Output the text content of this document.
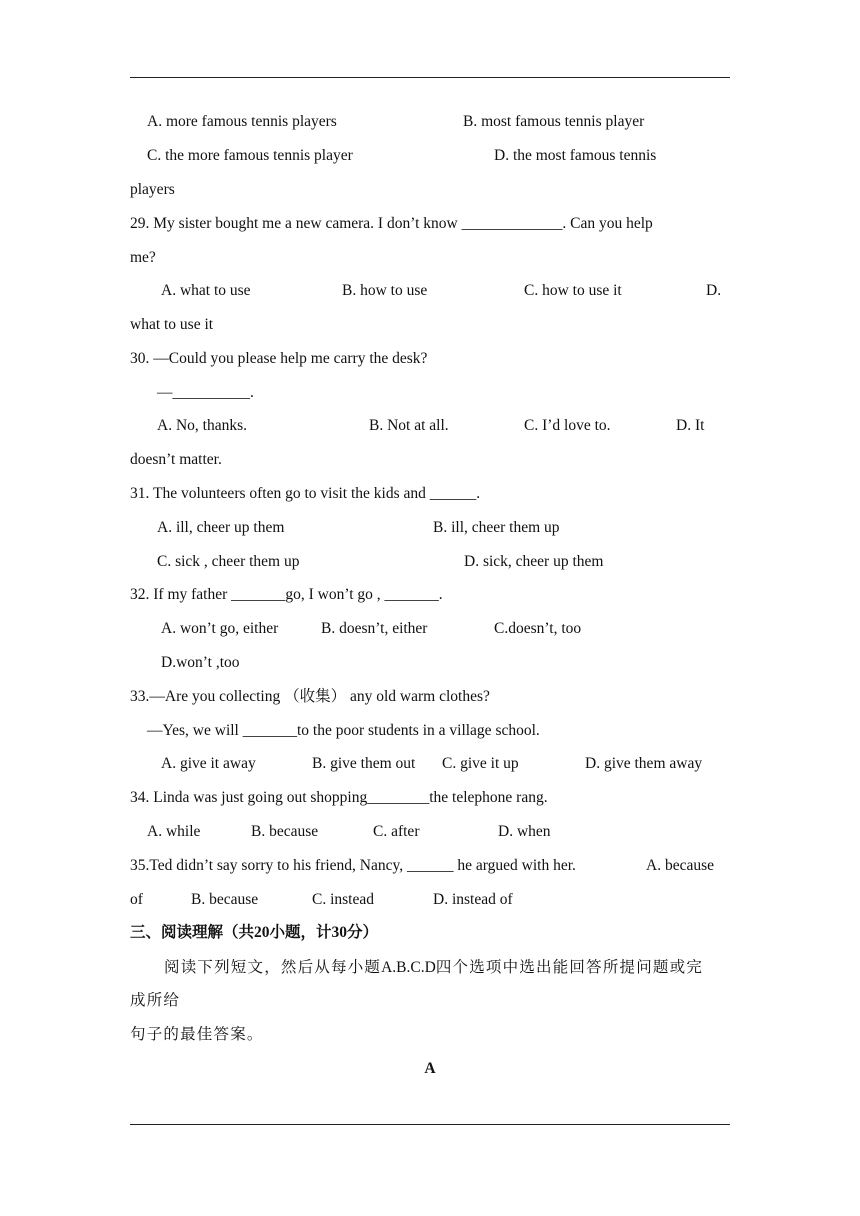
A. more famous tennis players	B. most famous tennis player
C. the more famous tennis player	D. the most famous tennis
players
29. My sister bought me a new camera. I don’t know _____________. Can you help
me?
A. what to use	B. how to use	C. how to use it	D.
what to use it
30. —Could you please help me carry the desk?
—__________.
A. No, thanks.	B. Not at all.	C. I’d love to.	D. It
doesn’t matter.
31. The volunteers often go to visit the kids and ______.
A. ill, cheer up them	B. ill, cheer them up
C. sick , cheer them up	D. sick, cheer up them
32. If my father _______go, I won’t go , _______.
A. won’t go, either	B. doesn’t, either	C.doesn’t, too
D.won’t ,too
33.—Are you collecting （收集） any old warm clothes?
—Yes, we will _______to the poor students in a village school.
A. give it away	B. give them out C. give it up	D. give them away
34. Linda was just going out shopping________the telephone rang.
A. while	B. because	C. after	D. when
35.Ted didn’t say sorry to his friend, Nancy, ______ he argued with her.	A. because
of	B. because	C. instead	D. instead of
三、阅读理解（共20小题，计30分）
阅读下列短文，然后从每小题A.B.C.D四个选项中选出能回答所提问题或完
成所给
句子的最佳答案。
A
